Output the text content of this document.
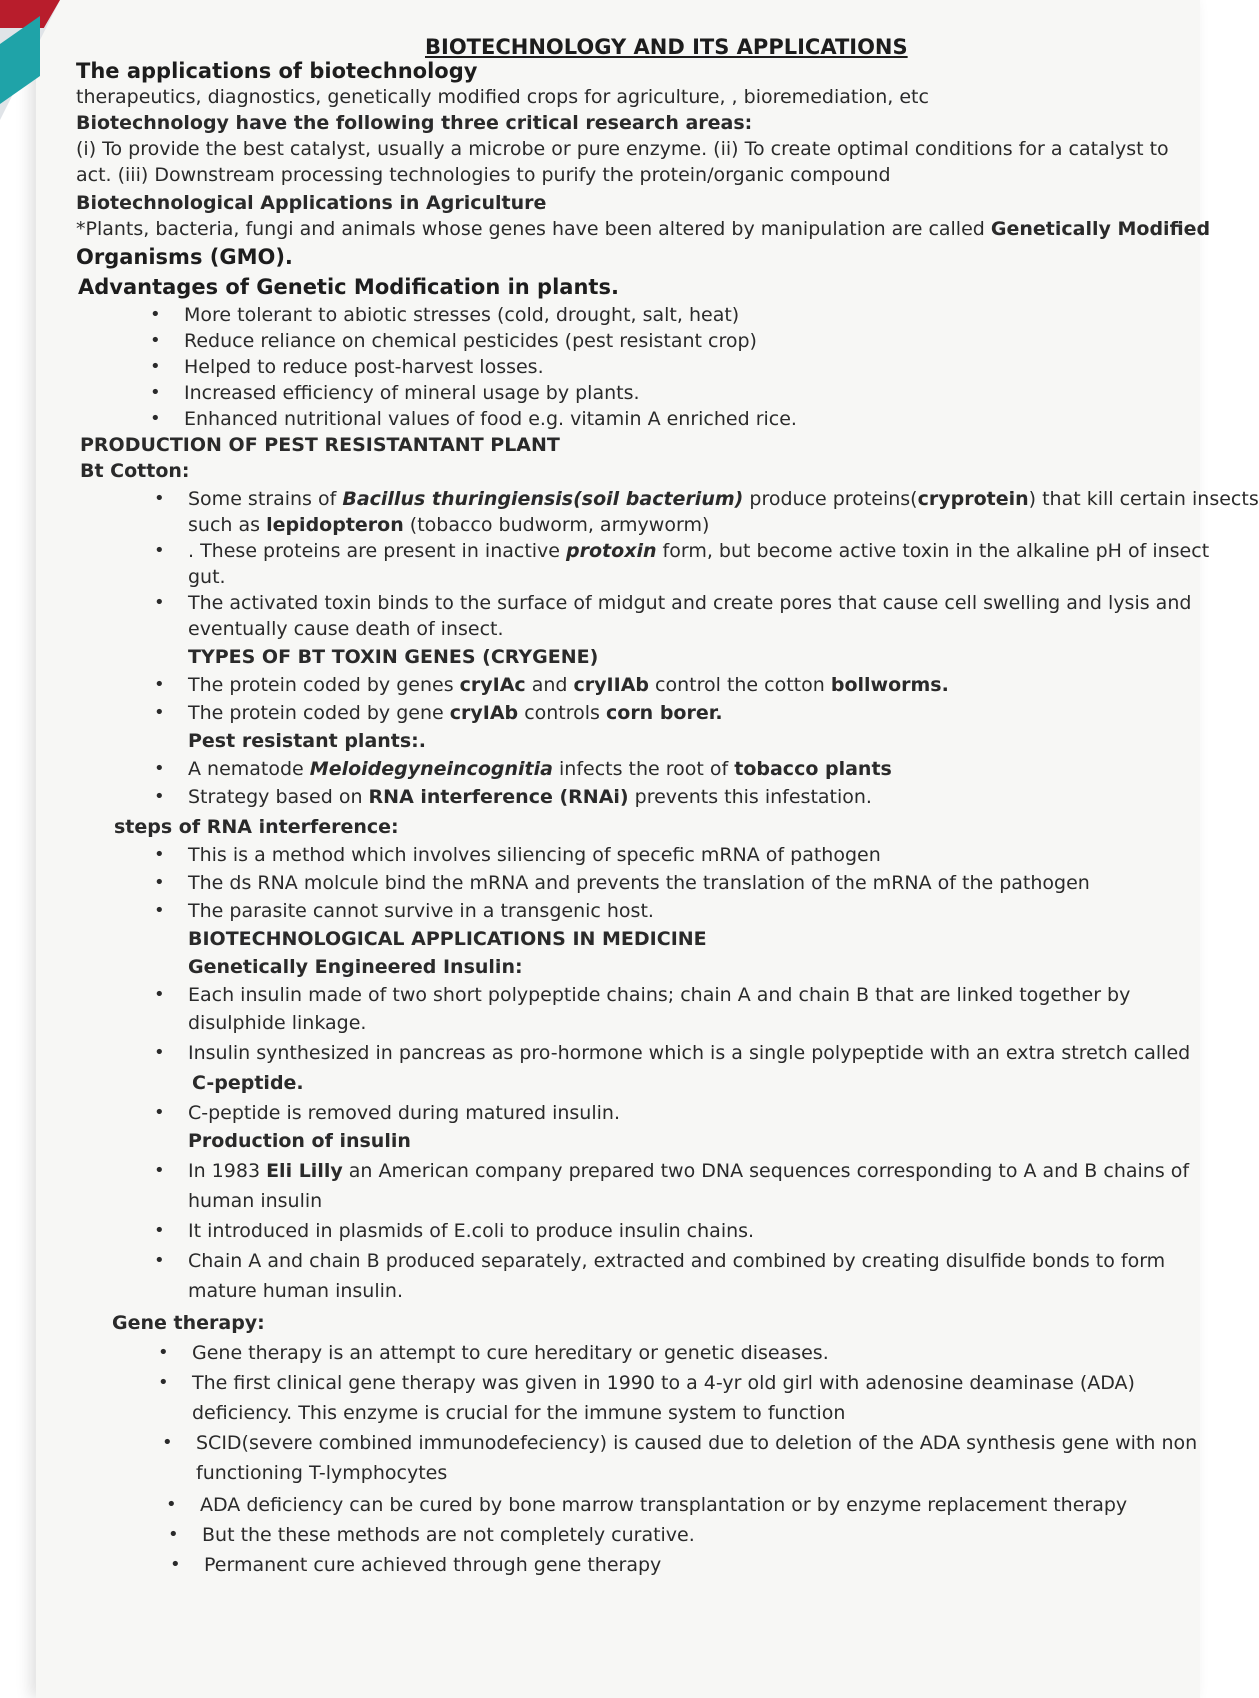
BIOTECHNOLOGY AND ITS APPLICATIONS
The applications of biotechnology
therapeutics, diagnostics, genetically modified crops for agriculture, , bioremediation, etc
Biotechnology have the following three critical research areas:
(i) To provide the best catalyst, usually a microbe or pure enzyme. (ii) To create optimal conditions for a catalyst to
act. (iii) Downstream processing technologies to purify the protein/organic compound
Biotechnological Applications in Agriculture
*Plants, bacteria, fungi and animals whose genes have been altered by manipulation are called Genetically Modified
Organisms (GMO).
Advantages of Genetic Modification in plants.
• More tolerant to abiotic stresses (cold, drought, salt, heat)
• Reduce reliance on chemical pesticides (pest resistant crop)
• Helped to reduce post-harvest losses.
• Increased efficiency of mineral usage by plants.
• Enhanced nutritional values of food e.g. vitamin A enriched rice.
PRODUCTION OF PEST RESISTANTANT PLANT
Bt Cotton:
• Some strains of Bacillus thuringiensis(soil bacterium) produce proteins(cryprotein) that kill certain insects
such as lepidopteron (tobacco budworm, armyworm)
• . These proteins are present in inactive protoxin form, but become active toxin in the alkaline pH of insect
gut.
• The activated toxin binds to the surface of midgut and create pores that cause cell swelling and lysis and
eventually cause death of insect.
TYPES OF BT TOXIN GENES (CRYGENE)
• The protein coded by genes cryIAc and cryIIAb control the cotton bollworms.
• The protein coded by gene cryIAb controls corn borer.
Pest resistant plants:.
• A nematode Meloidegyneincognitia infects the root of tobacco plants
• Strategy based on RNA interference (RNAi) prevents this infestation.
steps of RNA interference:
• This is a method which involves siliencing of specefic mRNA of pathogen
• The ds RNA molcule bind the mRNA and prevents the translation of the mRNA of the pathogen
• The parasite cannot survive in a transgenic host.
BIOTECHNOLOGICAL APPLICATIONS IN MEDICINE
Genetically Engineered Insulin:
• Each insulin made of two short polypeptide chains; chain A and chain B that are linked together by
disulphide linkage.
• Insulin synthesized in pancreas as pro-hormone which is a single polypeptide with an extra stretch called
C-peptide.
• C-peptide is removed during matured insulin.
Production of insulin
• In 1983 Eli Lilly an American company prepared two DNA sequences corresponding to A and B chains of
human insulin
• It introduced in plasmids of E.coli to produce insulin chains.
• Chain A and chain B produced separately, extracted and combined by creating disulfide bonds to form
mature human insulin.
Gene therapy:
• Gene therapy is an attempt to cure hereditary or genetic diseases.
• The first clinical gene therapy was given in 1990 to a 4-yr old girl with adenosine deaminase (ADA)
deficiency. This enzyme is crucial for the immune system to function
• SCID(severe combined immunodefeciency) is caused due to deletion of the ADA synthesis gene with non
functioning T-lymphocytes
• ADA deficiency can be cured by bone marrow transplantation or by enzyme replacement therapy
• But the these methods are not completely curative.
• Permanent cure achieved through gene therapy
